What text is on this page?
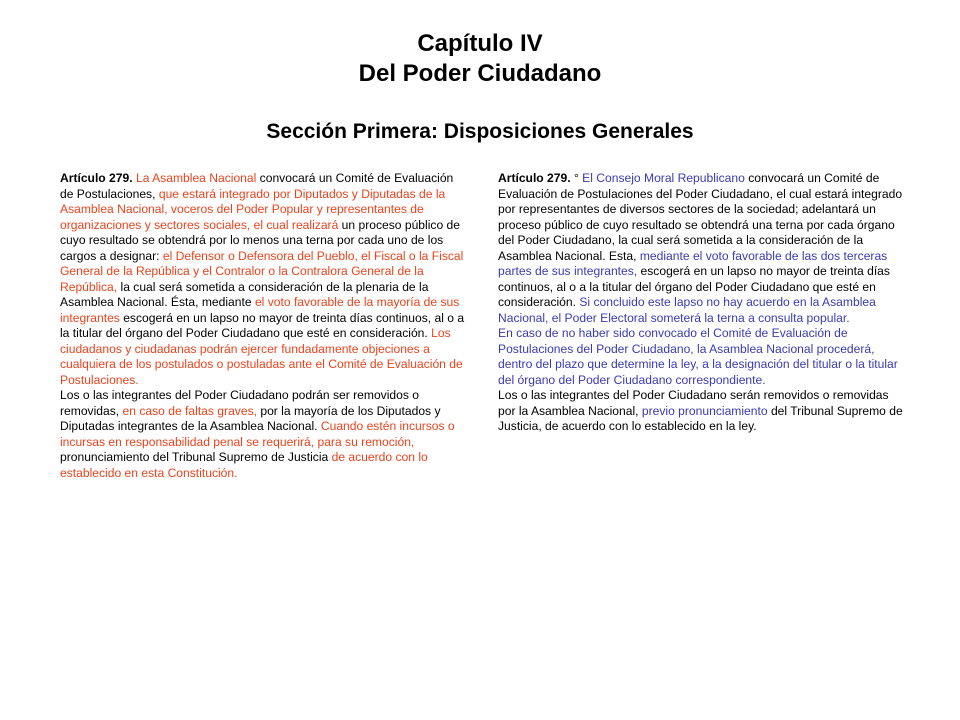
Capítulo IV
Del Poder Ciudadano
Sección Primera: Disposiciones Generales

Artículo 279. La Asamblea Nacional convocará un Comité de Evaluación de Postulaciones, que estará integrado por Diputados y Diputadas de la Asamblea Nacional, voceros del Poder Popular y representantes de organizaciones y sectores sociales, el cual realizará un proceso público de cuyo resultado se obtendrá por lo menos una terna por cada uno de los cargos a designar: el Defensor o Defensora del Pueblo, el Fiscal o la Fiscal General de la República y el Contralor o la Contralora General de la República, la cual será sometida a consideración de la plenaria de la Asamblea Nacional. Ésta, mediante el voto favorable de la mayoría de sus integrantes escogerá en un lapso no mayor de treinta días continuos, al o a la titular del órgano del Poder Ciudadano que esté en consideración. Los ciudadanos y ciudadanas podrán ejercer fundadamente objeciones a cualquiera de los postulados o postuladas ante el Comité de Evaluación de Postulaciones.

Los o las integrantes del Poder Ciudadano podrán ser removidos o removidas, en caso de faltas graves, por la mayoría de los Diputados y Diputadas integrantes de la Asamblea Nacional. Cuando estén incursos o incursas en responsabilidad penal se requerirá, para su remoción, pronunciamiento del Tribunal Supremo de Justicia de acuerdo con lo establecido en esta Constitución.

Artículo 279. ° El Consejo Moral Republicano convocará un Comité de Evaluación de Postulaciones del Poder Ciudadano, el cual estará integrado por representantes de diversos sectores de la sociedad; adelantará un proceso público de cuyo resultado se obtendrá una terna por cada órgano del Poder Ciudadano, la cual será sometida a la consideración de la Asamblea Nacional. Esta, mediante el voto favorable de las dos terceras partes de sus integrantes, escogerá en un lapso no mayor de treinta días continuos, al o a la titular del órgano del Poder Ciudadano que esté en consideración. Si concluido este lapso no hay acuerdo en la Asamblea Nacional, el Poder Electoral someterá la terna a consulta popular.

En caso de no haber sido convocado el Comité de Evaluación de Postulaciones del Poder Ciudadano, la Asamblea Nacional procederá, dentro del plazo que determine la ley, a la designación del titular o la titular del órgano del Poder Ciudadano correspondiente.

Los o las integrantes del Poder Ciudadano serán removidos o removidas por la Asamblea Nacional, previo pronunciamiento del Tribunal Supremo de Justicia, de acuerdo con lo establecido en la ley.
